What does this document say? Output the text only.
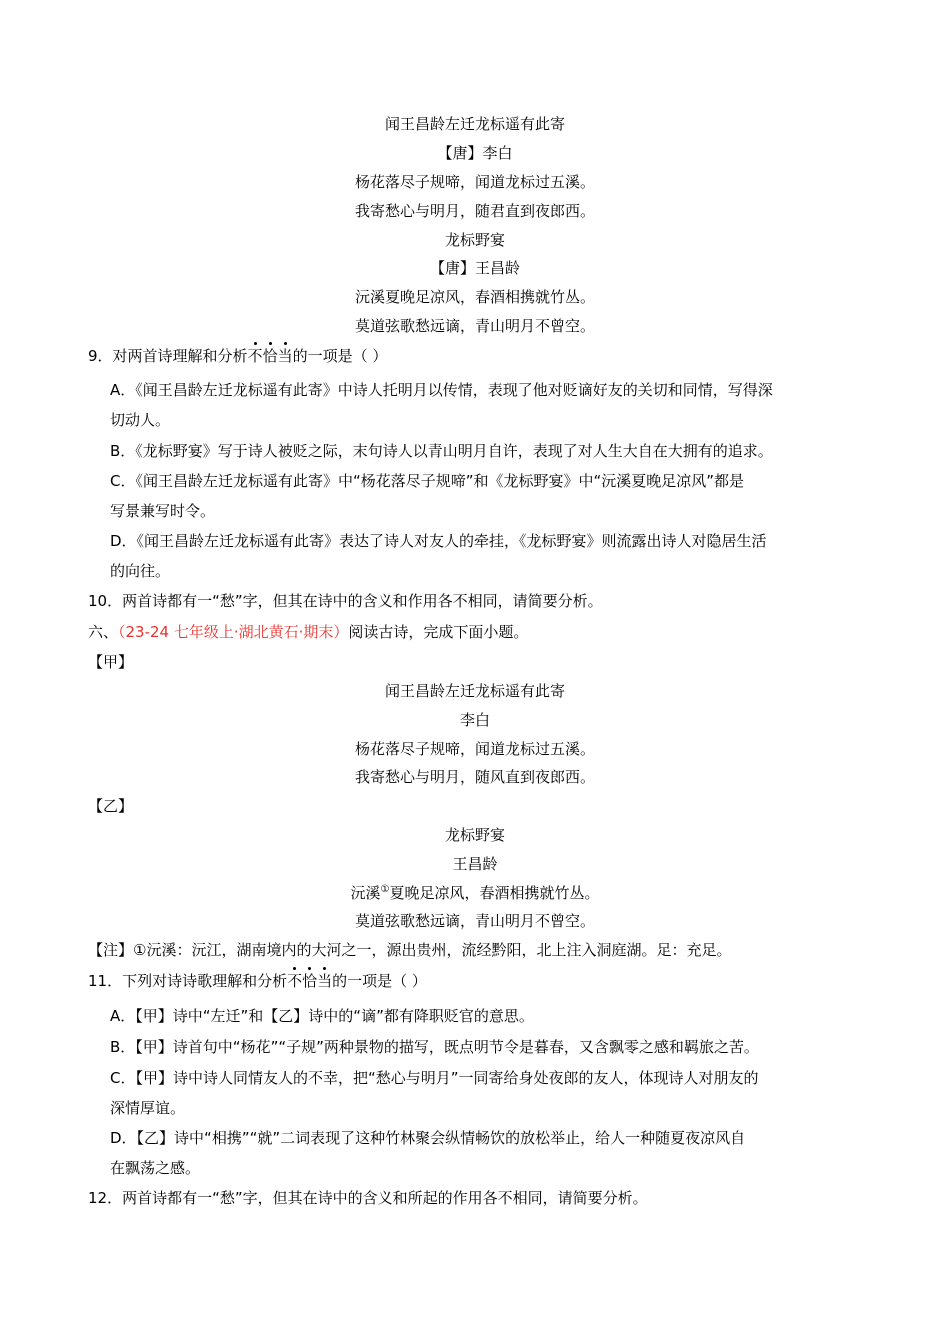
闻王昌龄左迁龙标遥有此寄
【唐】李白
杨花落尽子规啼，闻道龙标过五溪。
我寄愁心与明月，随君直到夜郎西。
龙标野宴
【唐】王昌龄
沅溪夏晚足凉风，春酒相携就竹丛。
莫道弦歌愁远谪，青山明月不曾空。
9．对两首诗理解和分析不恰当的一项是（ ）
A．《闻王昌龄左迁龙标遥有此寄》中诗人托明月以传情，表现了他对贬谪好友的关切和同情，写得深
切动人。
B．《龙标野宴》写于诗人被贬之际，末句诗人以青山明月自许，表现了对人生大自在大拥有的追求。
C．《闻王昌龄左迁龙标遥有此寄》中“杨花落尽子规啼”和《龙标野宴》中“沅溪夏晚足凉风”都是
写景兼写时令。
D．《闻王昌龄左迁龙标遥有此寄》表达了诗人对友人的牵挂，《龙标野宴》则流露出诗人对隐居生活
的向往。
10．两首诗都有一“愁”字，但其在诗中的含义和作用各不相同，请简要分析。
六、（23-24 七年级上·湖北黄石·期末）阅读古诗，完成下面小题。
【甲】
闻王昌龄左迁龙标遥有此寄
李白
杨花落尽子规啼，闻道龙标过五溪。
我寄愁心与明月，随风直到夜郎西。
【乙】
龙标野宴
王昌龄
沅溪①夏晚足凉风，春酒相携就竹丛。
莫道弦歌愁远谪，青山明月不曾空。
【注】①沅溪：沅江，湖南境内的大河之一，源出贵州，流经黔阳，北上注入洞庭湖。足：充足。
11．下列对诗诗歌理解和分析不恰当的一项是（ ）
A．【甲】诗中“左迁”和【乙】诗中的“谪”都有降职贬官的意思。
B．【甲】诗首句中“杨花”“子规”两种景物的描写，既点明节令是暮春，又含飘零之感和羁旅之苦。
C．【甲】诗中诗人同情友人的不幸，把“愁心与明月”一同寄给身处夜郎的友人，体现诗人对朋友的
深情厚谊。
D．【乙】诗中“相携”“就”二词表现了这种竹林聚会纵情畅饮的放松举止，给人一种随夏夜凉风自
在飘荡之感。
12．两首诗都有一“愁”字，但其在诗中的含义和所起的作用各不相同，请简要分析。
